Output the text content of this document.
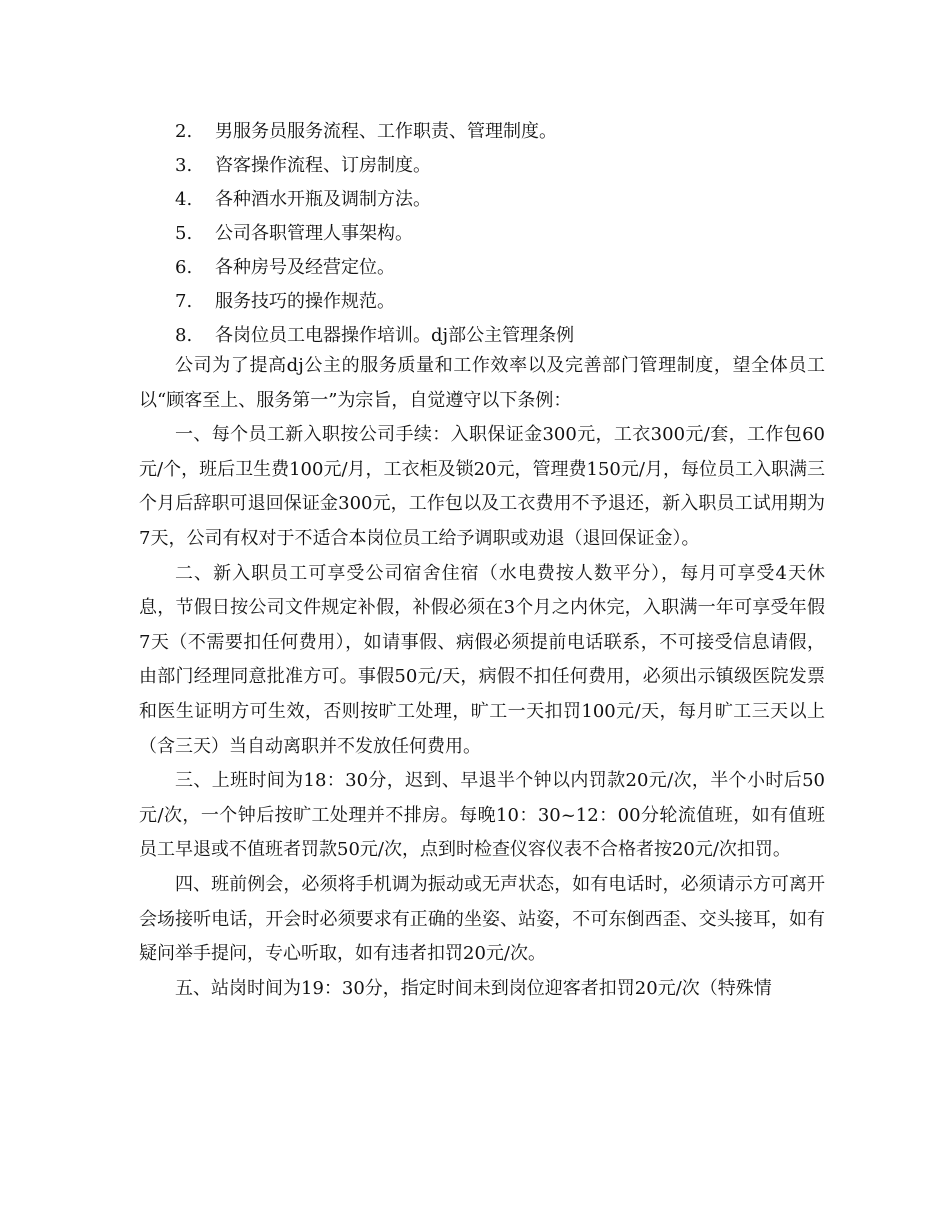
2. 男服务员服务流程、工作职责、管理制度。
3. 咨客操作流程、订房制度。
4. 各种酒水开瓶及调制方法。
5. 公司各职管理人事架构。
6. 各种房号及经营定位。
7. 服务技巧的操作规范。
8. 各岗位员工电器操作培训。dj部公主管理条例

公司为了提高dj公主的服务质量和工作效率以及完善部门管理制度，望全体员工以“顾客至上、服务第一”为宗旨，自觉遵守以下条例：

一、每个员工新入职按公司手续：入职保证金300元，工衣300元/套，工作包60元/个，班后卫生费100元/月，工衣柜及锁20元，管理费150元/月，每位员工入职满三个月后辞职可退回保证金300元，工作包以及工衣费用不予退还，新入职员工试用期为7天，公司有权对于不适合本岗位员工给予调职或劝退（退回保证金）。

二、新入职员工可享受公司宿舍住宿（水电费按人数平分），每月可享受4天休息，节假日按公司文件规定补假，补假必须在3个月之内休完，入职满一年可享受年假7天（不需要扣任何费用），如请事假、病假必须提前电话联系，不可接受信息请假，由部门经理同意批准方可。事假50元/天，病假不扣任何费用，必须出示镇级医院发票和医生证明方可生效，否则按旷工处理，旷工一天扣罚100元/天，每月旷工三天以上（含三天）当自动离职并不发放任何费用。

三、上班时间为18：30分，迟到、早退半个钟以内罚款20元/次，半个小时后50元/次，一个钟后按旷工处理并不排房。每晚10：30~12：00分轮流值班，如有值班员工早退或不值班者罚款50元/次，点到时检查仪容仪表不合格者按20元/次扣罚。

四、班前例会，必须将手机调为振动或无声状态，如有电话时，必须请示方可离开会场接听电话，开会时必须要求有正确的坐姿、站姿，不可东倒西歪、交头接耳，如有疑问举手提问，专心听取，如有违者扣罚20元/次。

五、站岗时间为19：30分，指定时间未到岗位迎客者扣罚20元/次（特殊情
